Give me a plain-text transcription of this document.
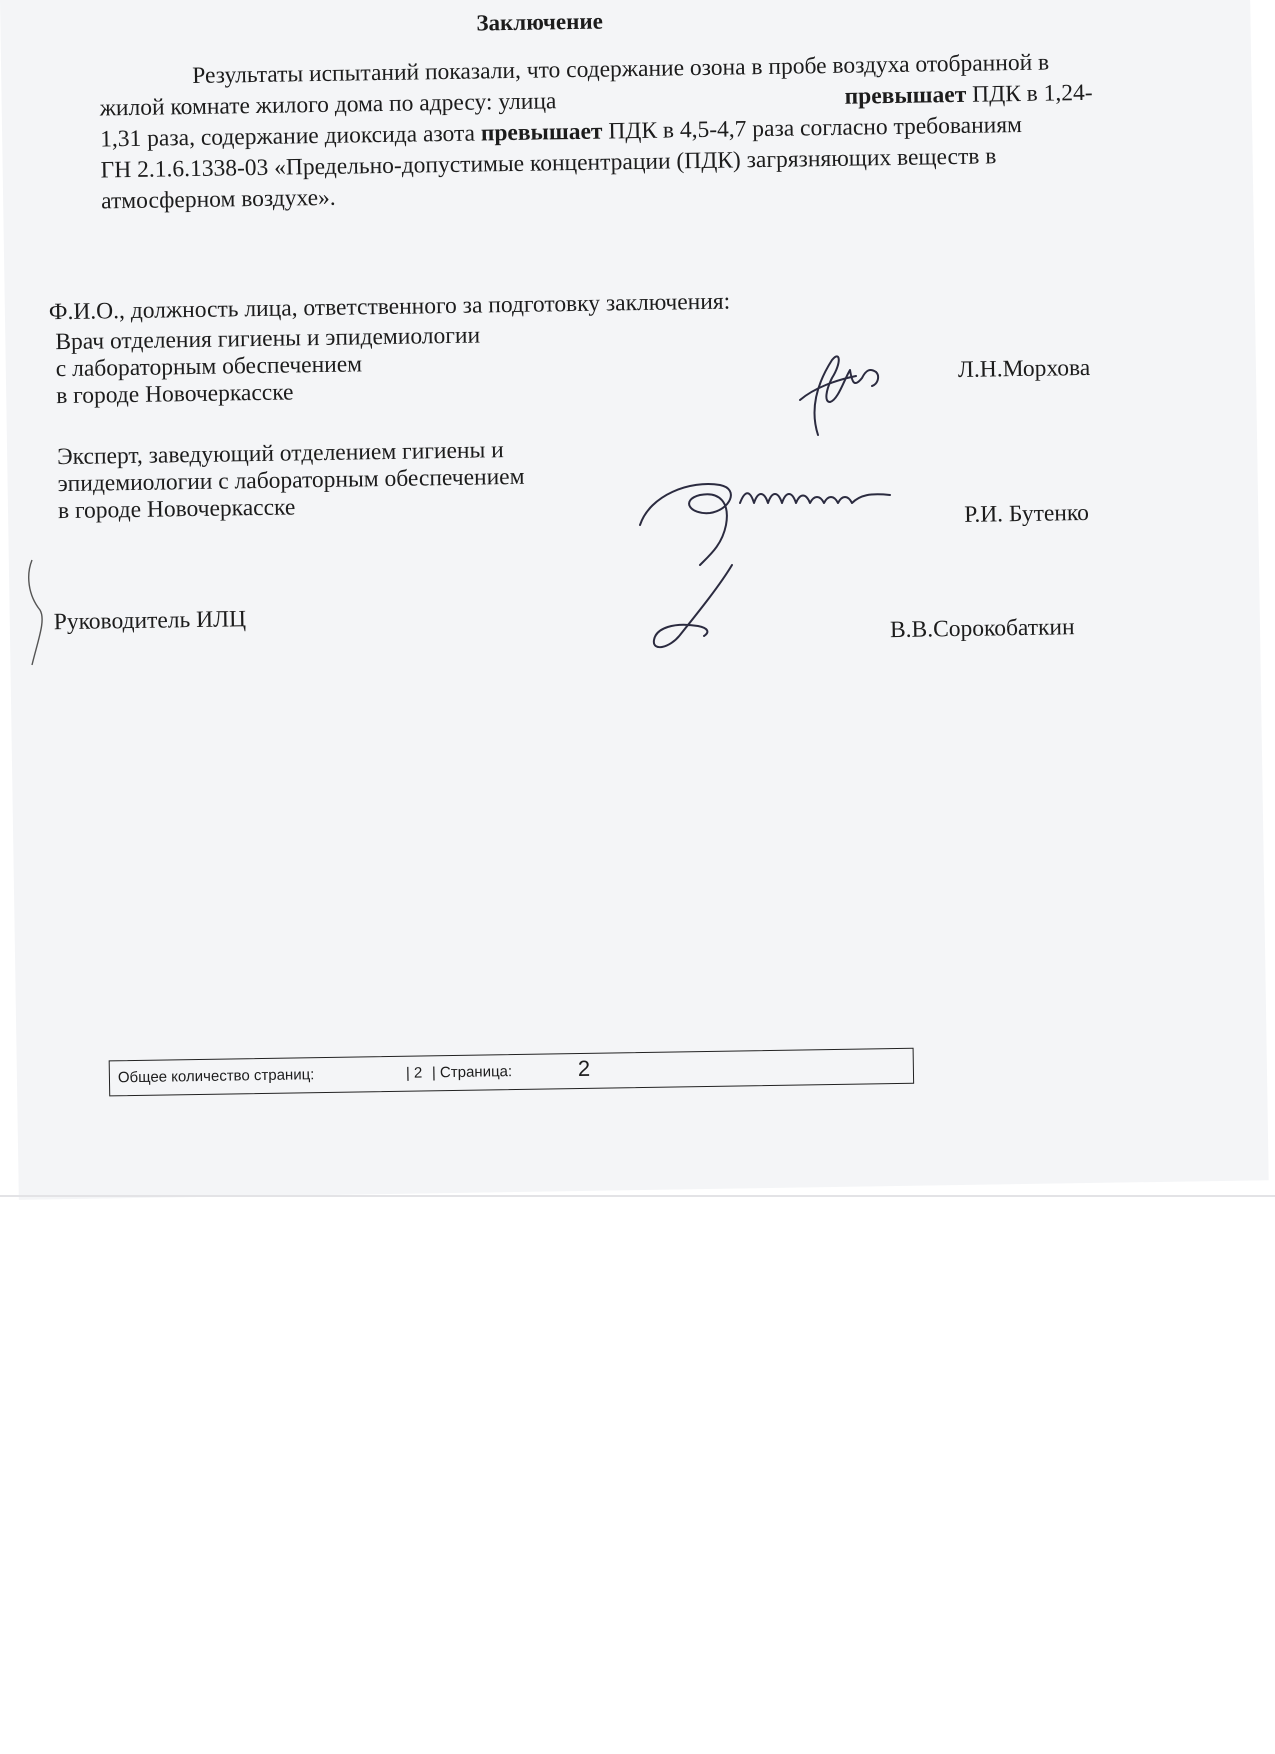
Заключение
Результаты испытаний показали, что содержание озона в пробе воздуха отобранной в
жилой комнате жилого дома по адресу: улица	превышает ПДК в 1,24-
1,31 раза, содержание диоксида азота превышает ПДК в 4,5-4,7 раза согласно требованиям
ГН 2.1.6.1338-03 «Предельно-допустимые концентрации (ПДК) загрязняющих веществ в
атмосферном воздухе».
Ф.И.О., должность лица, ответственного за подготовку заключения:
Врач отделения гигиены и эпидемиологии
с лабораторным обеспечением
в городе Новочеркасске
Л.Н.Морхова
Эксперт, заведующий отделением гигиены и
эпидемиологии с лабораторным обеспечением
в городе Новочеркасске	Р.И. Бутенко
Руководитель ИЛЦ	В.В.Сорокобаткин
Общее количество страниц:	| 2 | Страница:	2
